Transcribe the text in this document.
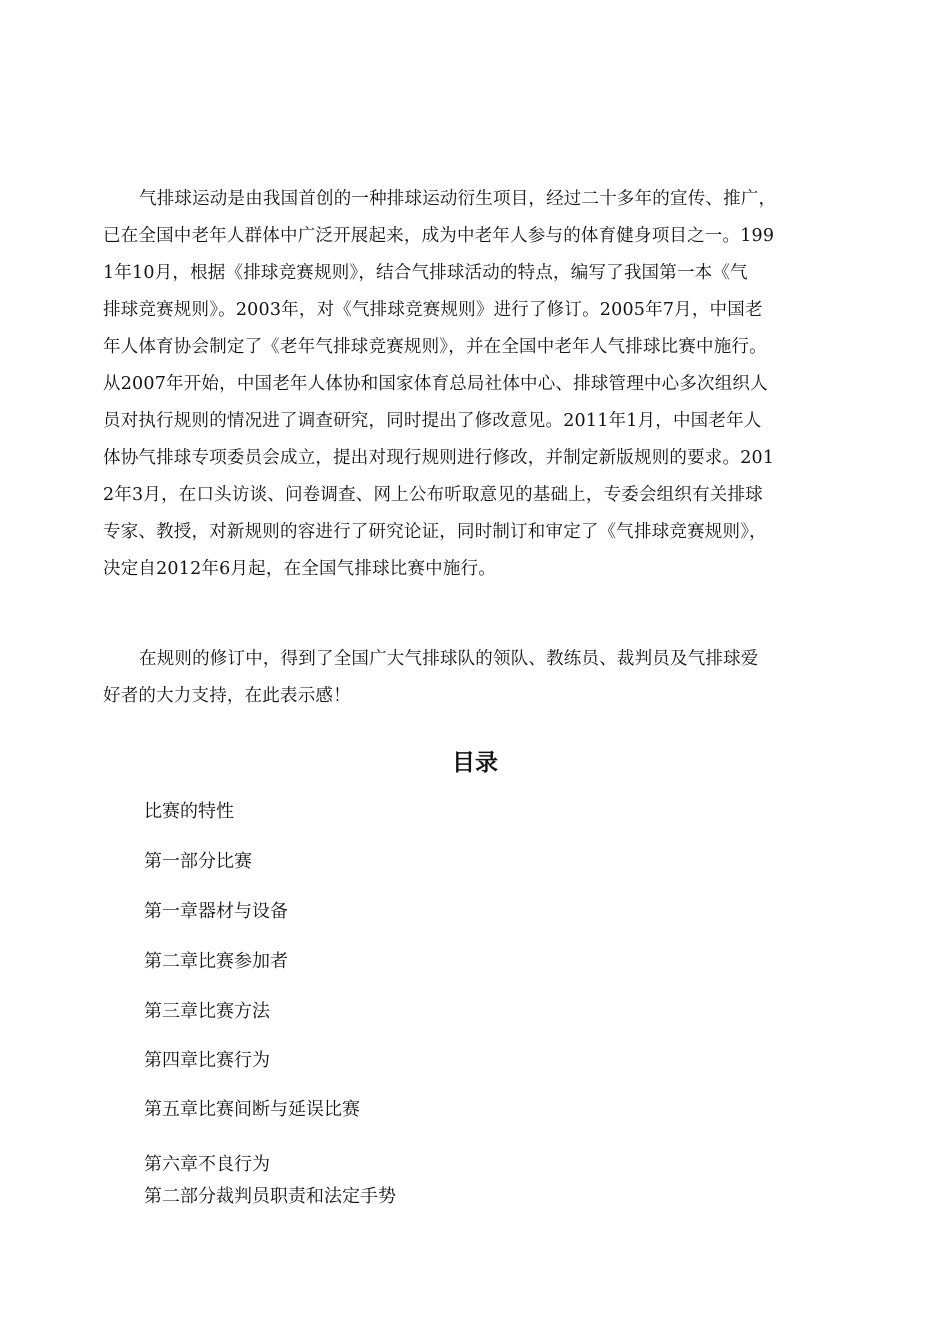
气排球运动是由我国首创的一种排球运动衍生项目，经过二十多年的宣传、推广，
已在全国中老年人群体中广泛开展起来，成为中老年人参与的体育健身项目之一。199
1年10月，根据《排球竞赛规则》，结合气排球活动的特点，编写了我国第一本《气
排球竞赛规则》。2003年，对《气排球竞赛规则》进行了修订。2005年7月，中国老
年人体育协会制定了《老年气排球竞赛规则》，并在全国中老年人气排球比赛中施行。
从2007年开始，中国老年人体协和国家体育总局社体中心、排球管理中心多次组织人
员对执行规则的情况进了调查研究，同时提出了修改意见。2011年1月，中国老年人
体协气排球专项委员会成立，提出对现行规则进行修改，并制定新版规则的要求。201
2年3月，在口头访谈、问卷调查、网上公布听取意见的基础上，专委会组织有关排球
专家、教授，对新规则的容进行了研究论证，同时制订和审定了《气排球竞赛规则》，
决定自2012年6月起，在全国气排球比赛中施行。
在规则的修订中，得到了全国广大气排球队的领队、教练员、裁判员及气排球爱
好者的大力支持，在此表示感！
目录
比赛的特性
第一部分比赛
第一章器材与设备
第二章比赛参加者
第三章比赛方法
第四章比赛行为
第五章比赛间断与延误比赛
第六章不良行为
第二部分裁判员职责和法定手势
